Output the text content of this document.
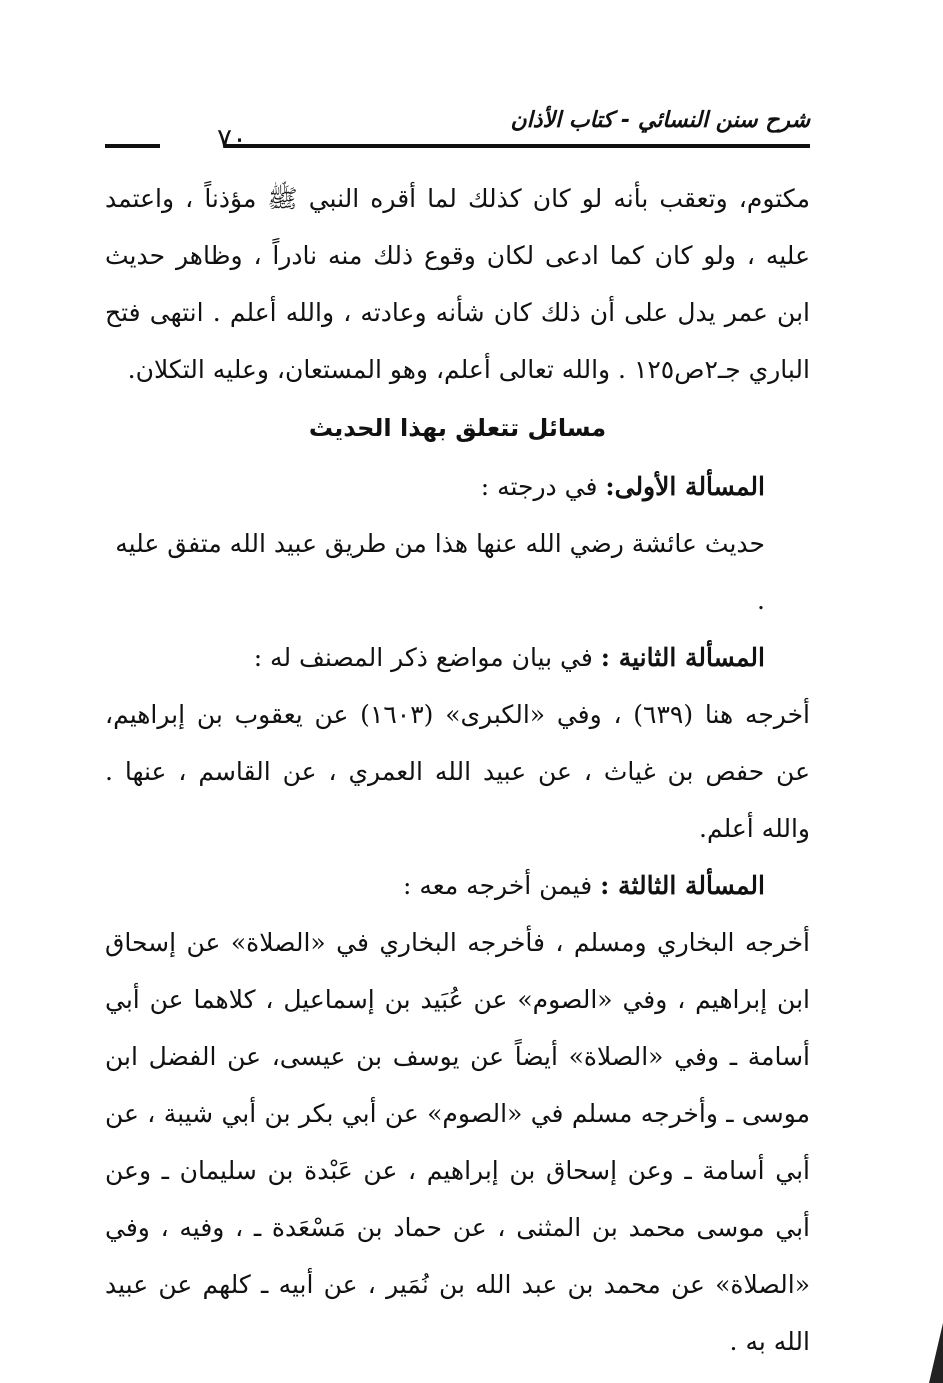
شرح سنن النسائي - كتاب الأذان
٧٠

مكتوم، وتعقب بأنه لو كان كذلك لما أقره النبي ﷺ مؤذناً ، واعتمد عليه ، ولو كان كما ادعى لكان وقوع ذلك منه نادراً ، وظاهر حديث ابن عمر يدل على أن ذلك كان شأنه وعادته ، والله أعلم . انتهى فتح الباري جـ٢ص١٢٥ . والله تعالى أعلم، وهو المستعان، وعليه التكلان.

مسائل تتعلق بهذا الحديث

المسألة الأولى: في درجته :

حديث عائشة رضي الله عنها هذا من طريق عبيد الله متفق عليه .

المسألة الثانية : في بيان مواضع ذكر المصنف له :

أخرجه هنا (٦٣٩) ، وفي «الكبرى» (١٦٠٣) عن يعقوب بن إبراهيم، عن حفص بن غياث ، عن عبيد الله العمري ، عن القاسم ، عنها . والله أعلم.

المسألة الثالثة : فيمن أخرجه معه :

أخرجه البخاري ومسلم ، فأخرجه البخاري في «الصلاة» عن إسحاق ابن إبراهيم ، وفي «الصوم» عن عُبَيد بن إسماعيل ، كلاهما عن أبي أسامة ـ وفي «الصلاة» أيضاً عن يوسف بن عيسى، عن الفضل ابن موسى ـ وأخرجه مسلم في «الصوم» عن أبي بكر بن أبي شيبة ، عن أبي أسامة ـ وعن إسحاق بن إبراهيم ، عن عَبْدة بن سليمان ـ وعن أبي موسى محمد بن المثنى ، عن حماد بن مَسْعَدة ـ ، وفيه ، وفي «الصلاة» عن محمد بن عبد الله بن نُمَير ، عن أبيه ـ كلهم عن عبيد الله به .
